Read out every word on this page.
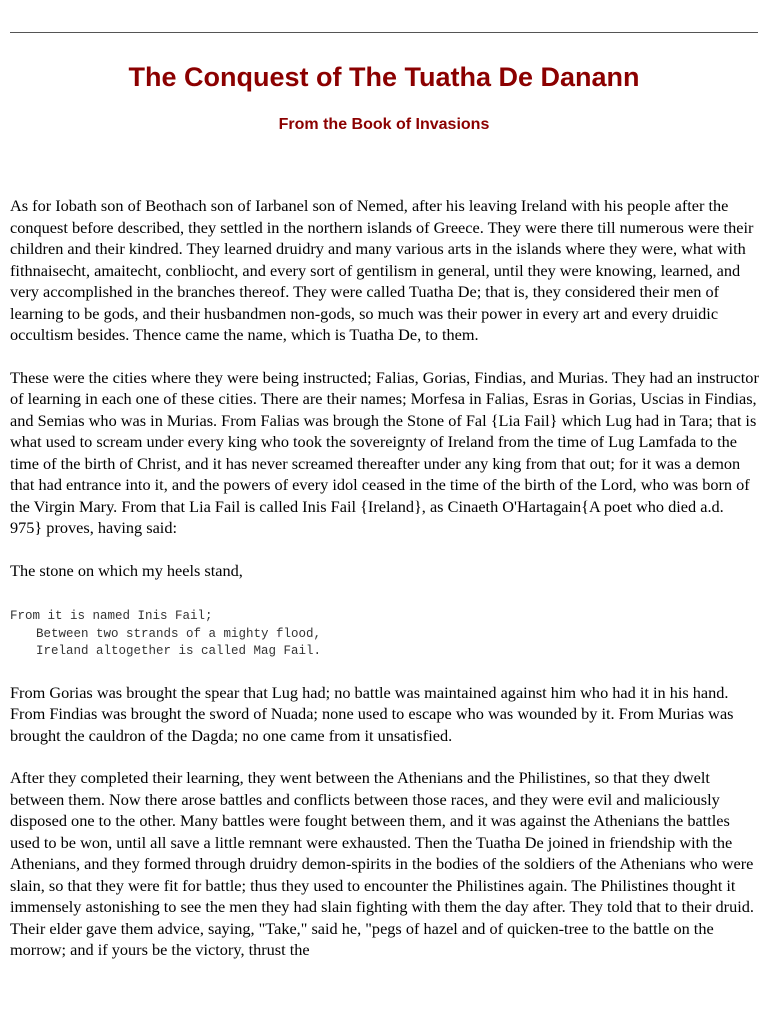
The Conquest of The Tuatha De Danann
From the Book of Invasions

As for Iobath son of Beothach son of Iarbanel son of Nemed, after his leaving Ireland with his people after the conquest before described, they settled in the northern islands of Greece. They were there till numerous were their children and their kindred. They learned druidry and many various arts in the islands where they were, what with fithnaisecht, amaitecht, conbliocht, and every sort of gentilism in general, until they were knowing, learned, and very accomplished in the branches thereof. They were called Tuatha De; that is, they considered their men of learning to be gods, and their husbandmen non-gods, so much was their power in every art and every druidic occultism besides. Thence came the name, which is Tuatha De, to them.

These were the cities where they were being instructed; Falias, Gorias, Findias, and Murias. They had an instructor of learning in each one of these cities. There are their names; Morfesa in Falias, Esras in Gorias, Uscias in Findias, and Semias who was in Murias. From Falias was brough the Stone of Fal {Lia Fail} which Lug had in Tara; that is what used to scream under every king who took the sovereignty of Ireland from the time of Lug Lamfada to the time of the birth of Christ, and it has never screamed thereafter under any king from that out; for it was a demon that had entrance into it, and the powers of every idol ceased in the time of the birth of the Lord, who was born of the Virgin Mary. From that Lia Fail is called Inis Fail {Ireland}, as Cinaeth O'Hartagain{A poet who died a.d. 975} proves, having said:

The stone on which my heels stand,

From it is named Inis Fail;
Between two strands of a mighty flood,
Ireland altogether is called Mag Fail.

From Gorias was brought the spear that Lug had; no battle was maintained against him who had it in his hand. From Findias was brought the sword of Nuada; none used to escape who was wounded by it. From Murias was brought the cauldron of the Dagda; no one came from it unsatisfied.

After they completed their learning, they went between the Athenians and the Philistines, so that they dwelt between them. Now there arose battles and conflicts between those races, and they were evil and maliciously disposed one to the other. Many battles were fought between them, and it was against the Athenians the battles used to be won, until all save a little remnant were exhausted. Then the Tuatha De joined in friendship with the Athenians, and they formed through druidry demon-spirits in the bodies of the soldiers of the Athenians who were slain, so that they were fit for battle; thus they used to encounter the Philistines again. The Philistines thought it immensely astonishing to see the men they had slain fighting with them the day after. They told that to their druid. Their elder gave them advice, saying, "Take," said he, "pegs of hazel and of quicken-tree to the battle on the morrow; and if yours be the victory, thrust the
